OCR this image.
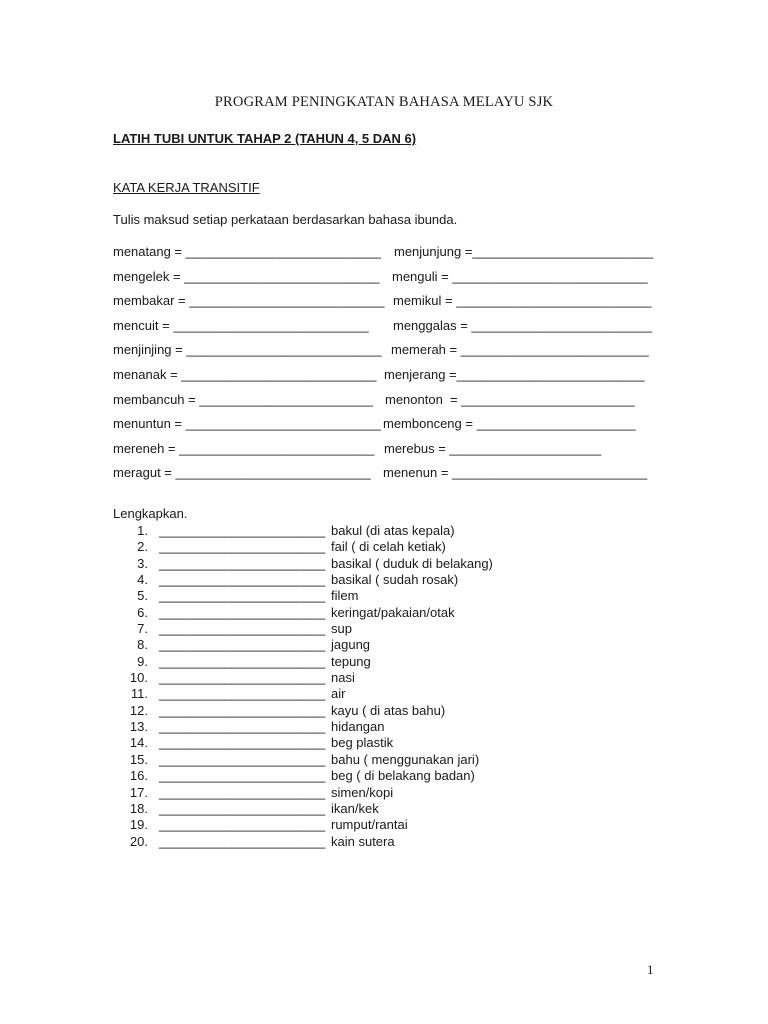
PROGRAM PENINGKATAN BAHASA MELAYU SJK
LATIH TUBI UNTUK TAHAP 2 (TAHUN 4, 5 DAN 6)
KATA KERJA TRANSITIF
Tulis maksud setiap perkataan berdasarkan bahasa ibunda.
menatang = ___________________________ menjunjung =_________________________
mengelek = ___________________________ menguli = ___________________________
membakar = ___________________________ memikul = ___________________________
mencuit = ___________________________ menggalas = _________________________
menjinjing = ___________________________ memerah = __________________________
menanak = ___________________________ menjerang =__________________________
membancuh = ________________________ menonton  = ________________________
menuntun = ___________________________ membonceng = ______________________
mereneh = ___________________________ merebus = _____________________
meragut = ___________________________ menenun = ___________________________
Lengkapkan.
1. _______________________ bakul (di atas kepala)
2. _______________________ fail ( di celah ketiak)
3. _______________________ basikal ( duduk di belakang)
4. _______________________ basikal ( sudah rosak)
5. _______________________ filem
6. _______________________ keringat/pakaian/otak
7. _______________________ sup
8. _______________________ jagung
9. _______________________ tepung
10. _______________________ nasi
11. _______________________ air
12. _______________________ kayu ( di atas bahu)
13. _______________________ hidangan
14. _______________________ beg plastik
15. _______________________ bahu ( menggunakan jari)
16. _______________________ beg ( di belakang badan)
17. _______________________ simen/kopi
18. _______________________ ikan/kek
19. _______________________ rumput/rantai
20. _______________________ kain sutera
1
